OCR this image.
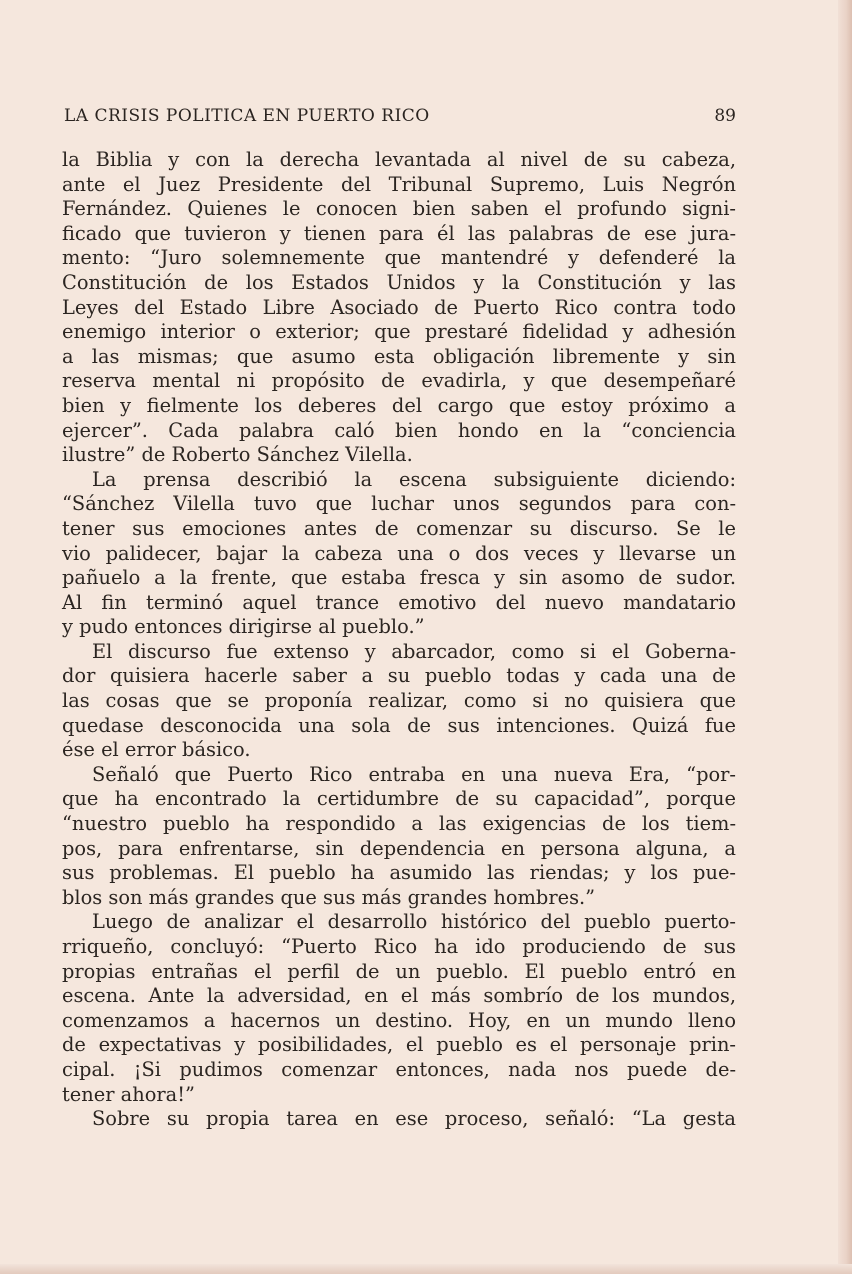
LA CRISIS POLITICA EN PUERTO RICO	89

la Biblia y con la derecha levantada al nivel de su cabeza,

ante el Juez Presidente del Tribunal Supremo, Luis Negrón

Fernández. Quienes le conocen bien saben el profundo signi-

ficado que tuvieron y tienen para él las palabras de ese jura-

mento: “Juro solemnemente que mantendré y defenderé la

Constitución de los Estados Unidos y la Constitución y las

Leyes del Estado Libre Asociado de Puerto Rico contra todo

enemigo interior o exterior; que prestaré fidelidad y adhesión

a las mismas; que asumo esta obligación libremente y sin

reserva mental ni propósito de evadirla, y que desempeñaré

bien y fielmente los deberes del cargo que estoy próximo a

ejercer”. Cada palabra caló bien hondo en la “conciencia

ilustre” de Roberto Sánchez Vilella.

La prensa describió la escena subsiguiente diciendo:

“Sánchez Vilella tuvo que luchar unos segundos para con-

tener sus emociones antes de comenzar su discurso. Se le

vio palidecer, bajar la cabeza una o dos veces y llevarse un

pañuelo a la frente, que estaba fresca y sin asomo de sudor.

Al fin terminó aquel trance emotivo del nuevo mandatario

y pudo entonces dirigirse al pueblo.”

El discurso fue extenso y abarcador, como si el Goberna-

dor quisiera hacerle saber a su pueblo todas y cada una de

las cosas que se proponía realizar, como si no quisiera que

quedase desconocida una sola de sus intenciones. Quizá fue

ése el error básico.

Señaló que Puerto Rico entraba en una nueva Era, “por-

que ha encontrado la certidumbre de su capacidad”, porque

“nuestro pueblo ha respondido a las exigencias de los tiem-

pos, para enfrentarse, sin dependencia en persona alguna, a

sus problemas. El pueblo ha asumido las riendas; y los pue-

blos son más grandes que sus más grandes hombres.”

Luego de analizar el desarrollo histórico del pueblo puerto-

rriqueño, concluyó: “Puerto Rico ha ido produciendo de sus

propias entrañas el perfil de un pueblo. El pueblo entró en

escena. Ante la adversidad, en el más sombrío de los mundos,

comenzamos a hacernos un destino. Hoy, en un mundo lleno

de expectativas y posibilidades, el pueblo es el personaje prin-

cipal. ¡Si pudimos comenzar entonces, nada nos puede de-

tener ahora!”

Sobre su propia tarea en ese proceso, señaló: “La gesta
